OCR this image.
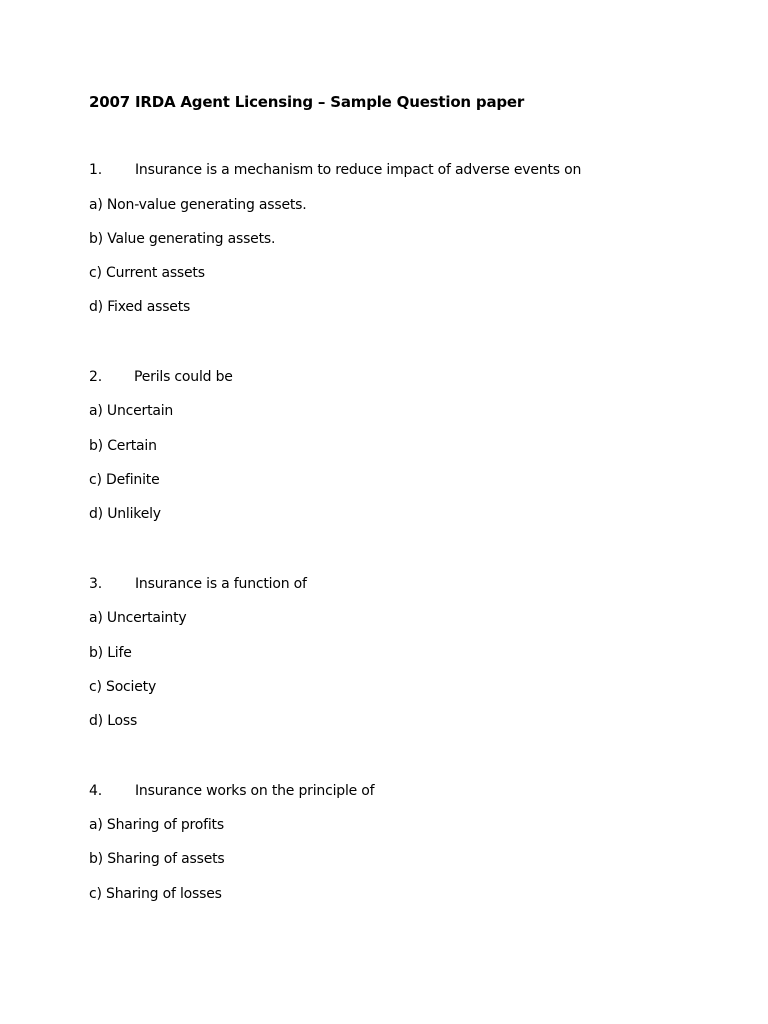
2007 IRDA Agent Licensing – Sample Question paper
1. Insurance is a mechanism to reduce impact of adverse events on
a) Non-value generating assets.
b) Value generating assets.
c) Current assets
d) Fixed assets
2. Perils could be
a) Uncertain
b) Certain
c) Definite
d) Unlikely
3. Insurance is a function of
a) Uncertainty
b) Life
c) Society
d) Loss
4. Insurance works on the principle of
a) Sharing of profits
b) Sharing of assets
c) Sharing of losses
